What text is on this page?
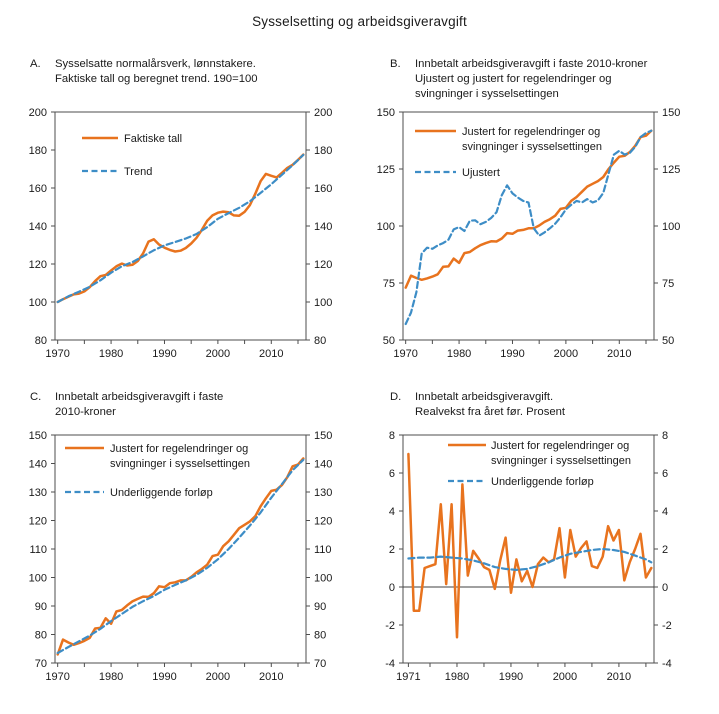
Sysselsetting og arbeidsgiveravgift
A.	Sysselsatte normalårsverk, lønnstakere.
Faktiske tall og beregnet trend. 190=100
B.	Innbetalt arbeidsgiveravgift i faste 2010-kroner
Ujustert og justert for regelendringer og
svingninger i sysselsettingen
C.	Innbetalt arbeidsgiveravgift i faste
2010-kroner
D.	Innbetalt arbeidsgiveravgift.
Realvekst fra året før. Prosent
80	80
100	100
120	120
140	140
160	160
180	180
200	200
1970	1980	1990	2000	2010
Faktiske tall
Trend
50	50
75	75
100	100
125	125
150	150
1970	1980	1990	2000	2010
Justert for regelendringer og
svingninger i sysselsettingen
Ujustert
70	70
80	80
90	90
100	100
110	110
120	120
130	130
140	140
150	150
1970	1980	1990	2000	2010
Justert for regelendringer og
svingninger i sysselsettingen
Underliggende forløp
-4	-4
-2	-2
0	0
2	2
4	4
6	6
8	8
1971 1980	1990	2000	2010
Justert for regelendringer og
svingninger i sysselsettingen
Underliggende forløp
